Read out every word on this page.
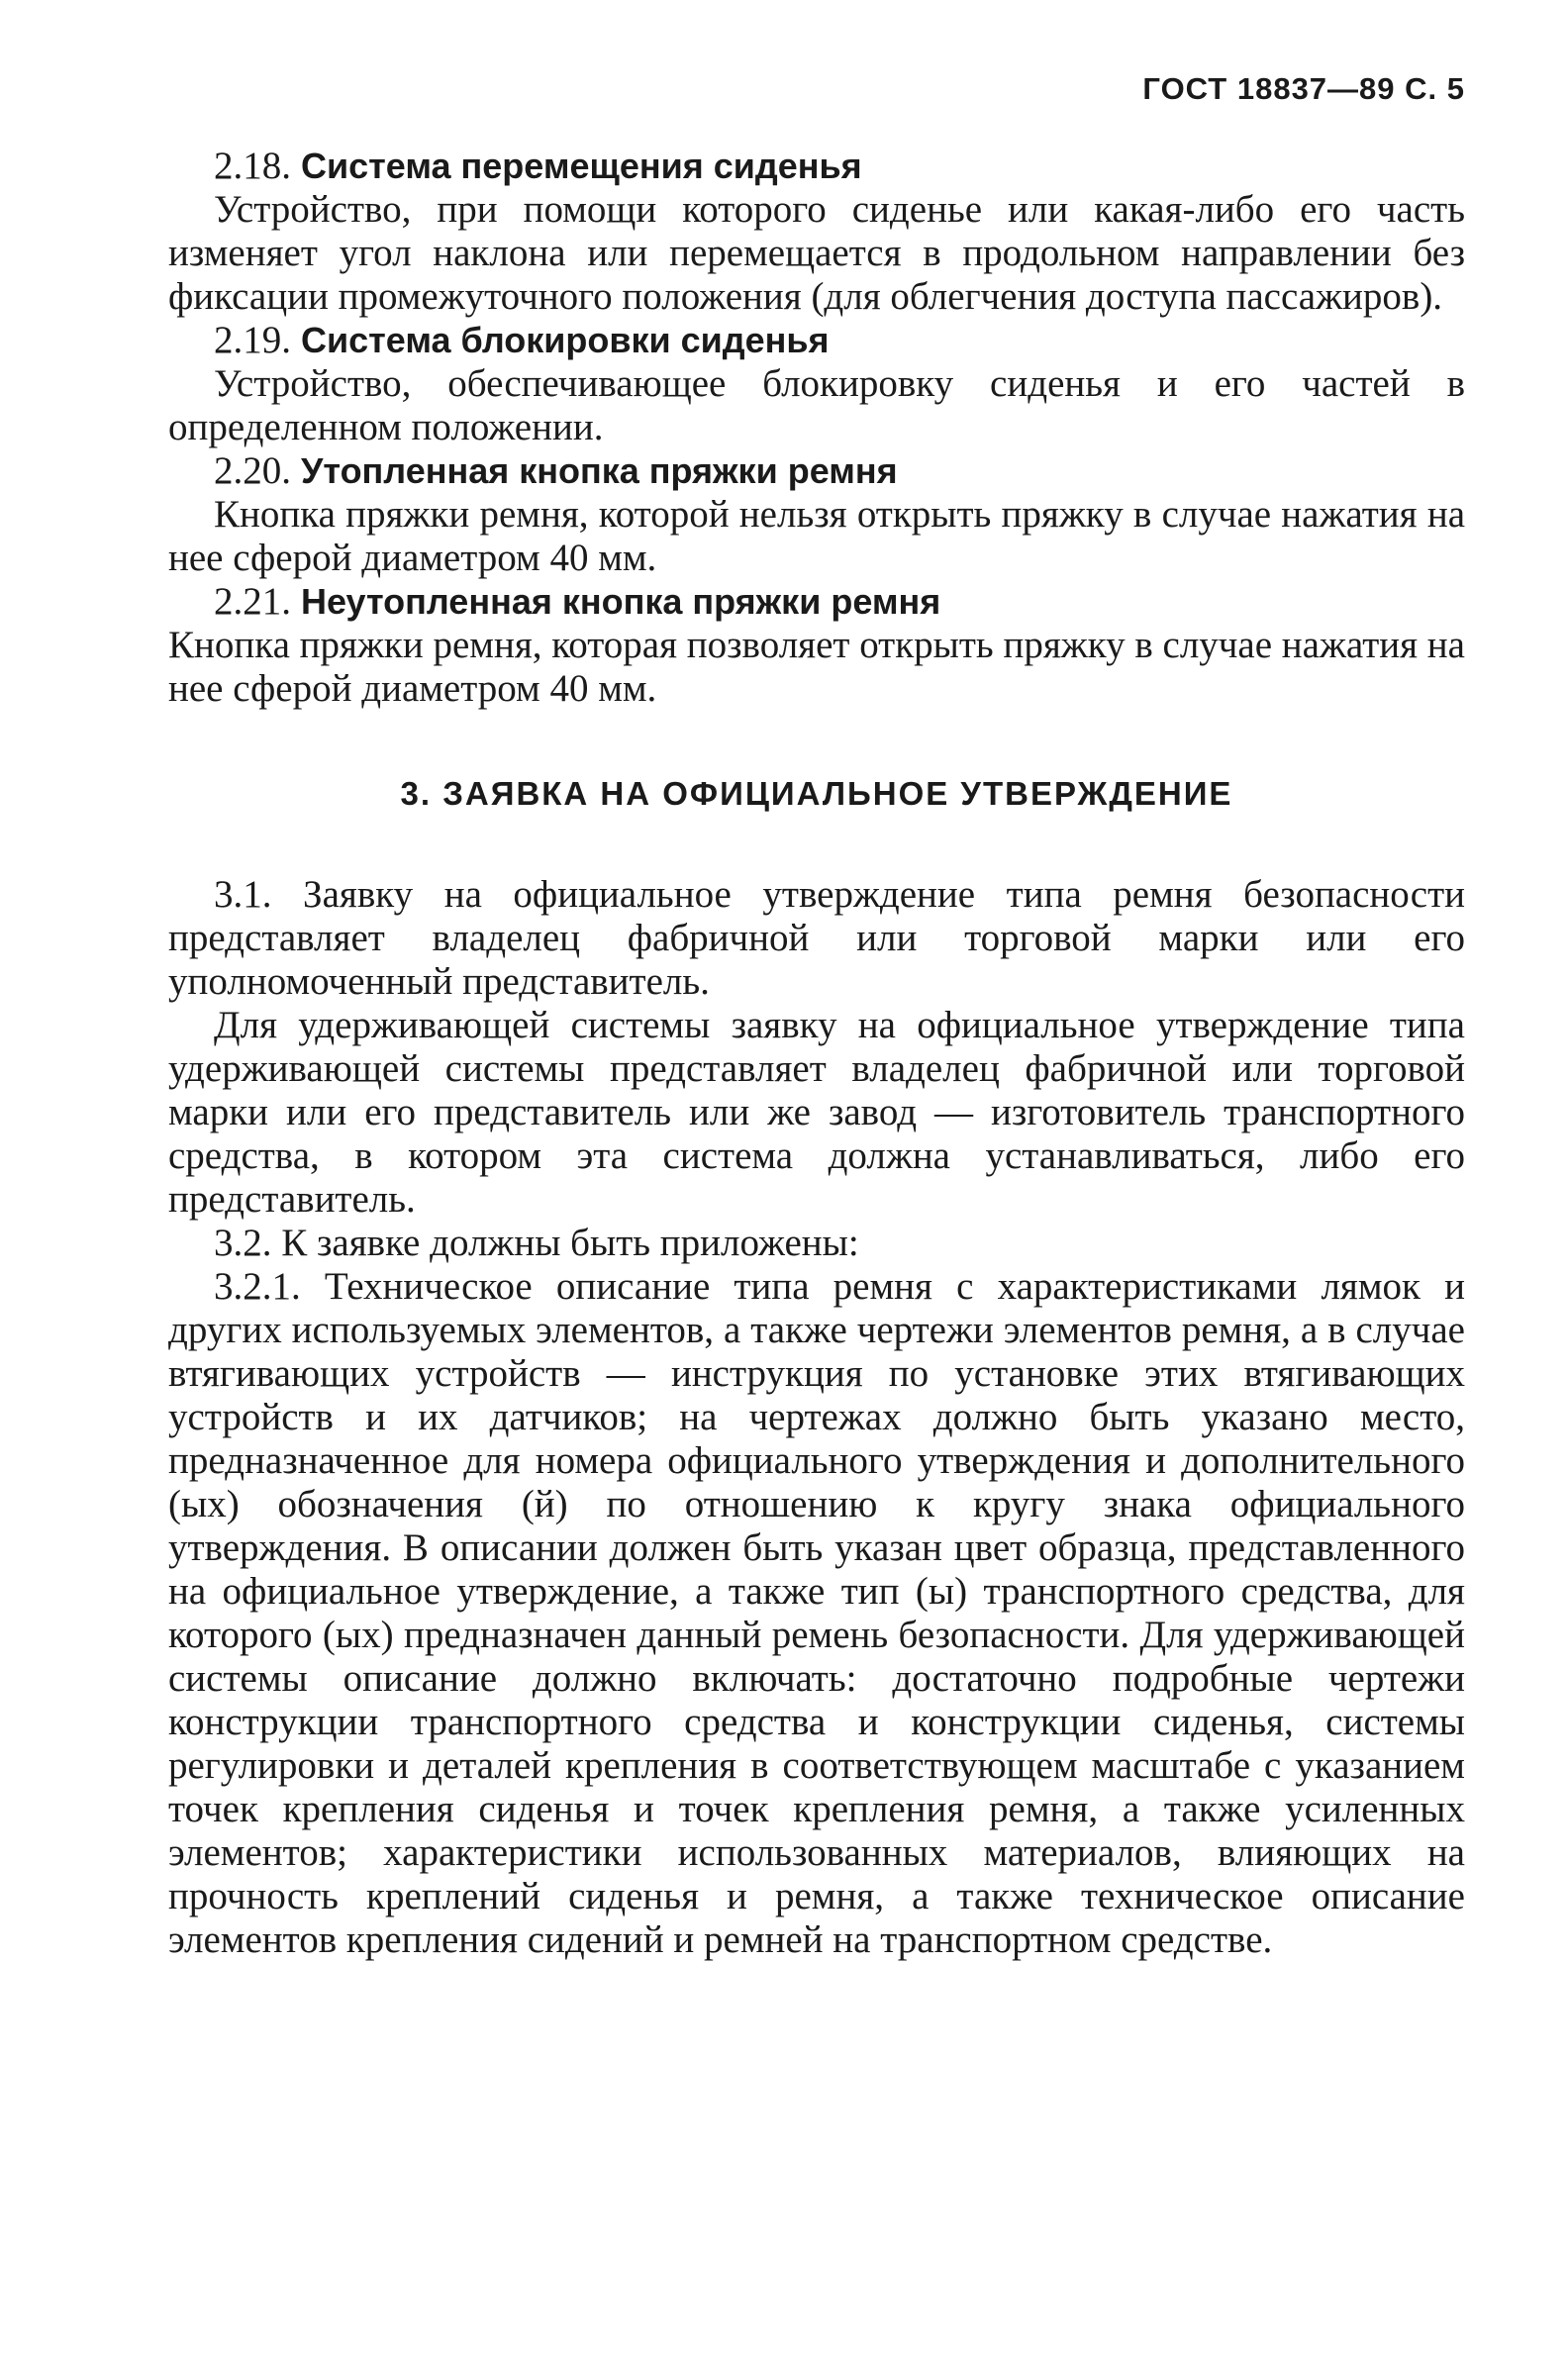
ГОСТ 18837—89 С. 5

2.18. Система перемещения сиденья

Устройство, при помощи которого сиденье или какая-либо его часть изменяет угол наклона или перемещается в продольном направлении без фиксации промежуточного положения (для облегчения доступа пассажиров).

2.19. Система блокировки сиденья

Устройство, обеспечивающее блокировку сиденья и его частей в определенном положении.

2.20. Утопленная кнопка пряжки ремня

Кнопка пряжки ремня, которой нельзя открыть пряжку в случае нажатия на нее сферой диаметром 40 мм.

2.21. Неутопленная кнопка пряжки ремня

Кнопка пряжки ремня, которая позволяет открыть пряжку в случае нажатия на нее сферой диаметром 40 мм.

3. ЗАЯВКА НА ОФИЦИАЛЬНОЕ УТВЕРЖДЕНИЕ

3.1. Заявку на официальное утверждение типа ремня безопасности представляет владелец фабричной или торговой марки или его уполномоченный представитель.

Для удерживающей системы заявку на официальное утверждение типа удерживающей системы представляет владелец фабричной или торговой марки или его представитель или же завод — изготовитель транспортного средства, в котором эта система должна устанавливаться, либо его представитель.

3.2. К заявке должны быть приложены:

3.2.1. Техническое описание типа ремня с характеристиками лямок и других используемых элементов, а также чертежи элементов ремня, а в случае втягивающих устройств — инструкция по установке этих втягивающих устройств и их датчиков; на чертежах должно быть указано место, предназначенное для номера официального утверждения и дополнительного (ых) обозначения (й) по отношению к кругу знака официального утверждения. В описании должен быть указан цвет образца, представленного на официальное утверждение, а также тип (ы) транспортного средства, для которого (ых) предназначен данный ремень безопасности. Для удерживающей системы описание должно включать: достаточно подробные чертежи конструкции транспортного средства и конструкции сиденья, системы регулировки и деталей крепления в соответствующем масштабе с указанием точек крепления сиденья и точек крепления ремня, а также усиленных элементов; характеристики использованных материалов, влияющих на прочность креплений сиденья и ремня, а также техническое описание элементов крепления сидений и ремней на транспортном средстве.
